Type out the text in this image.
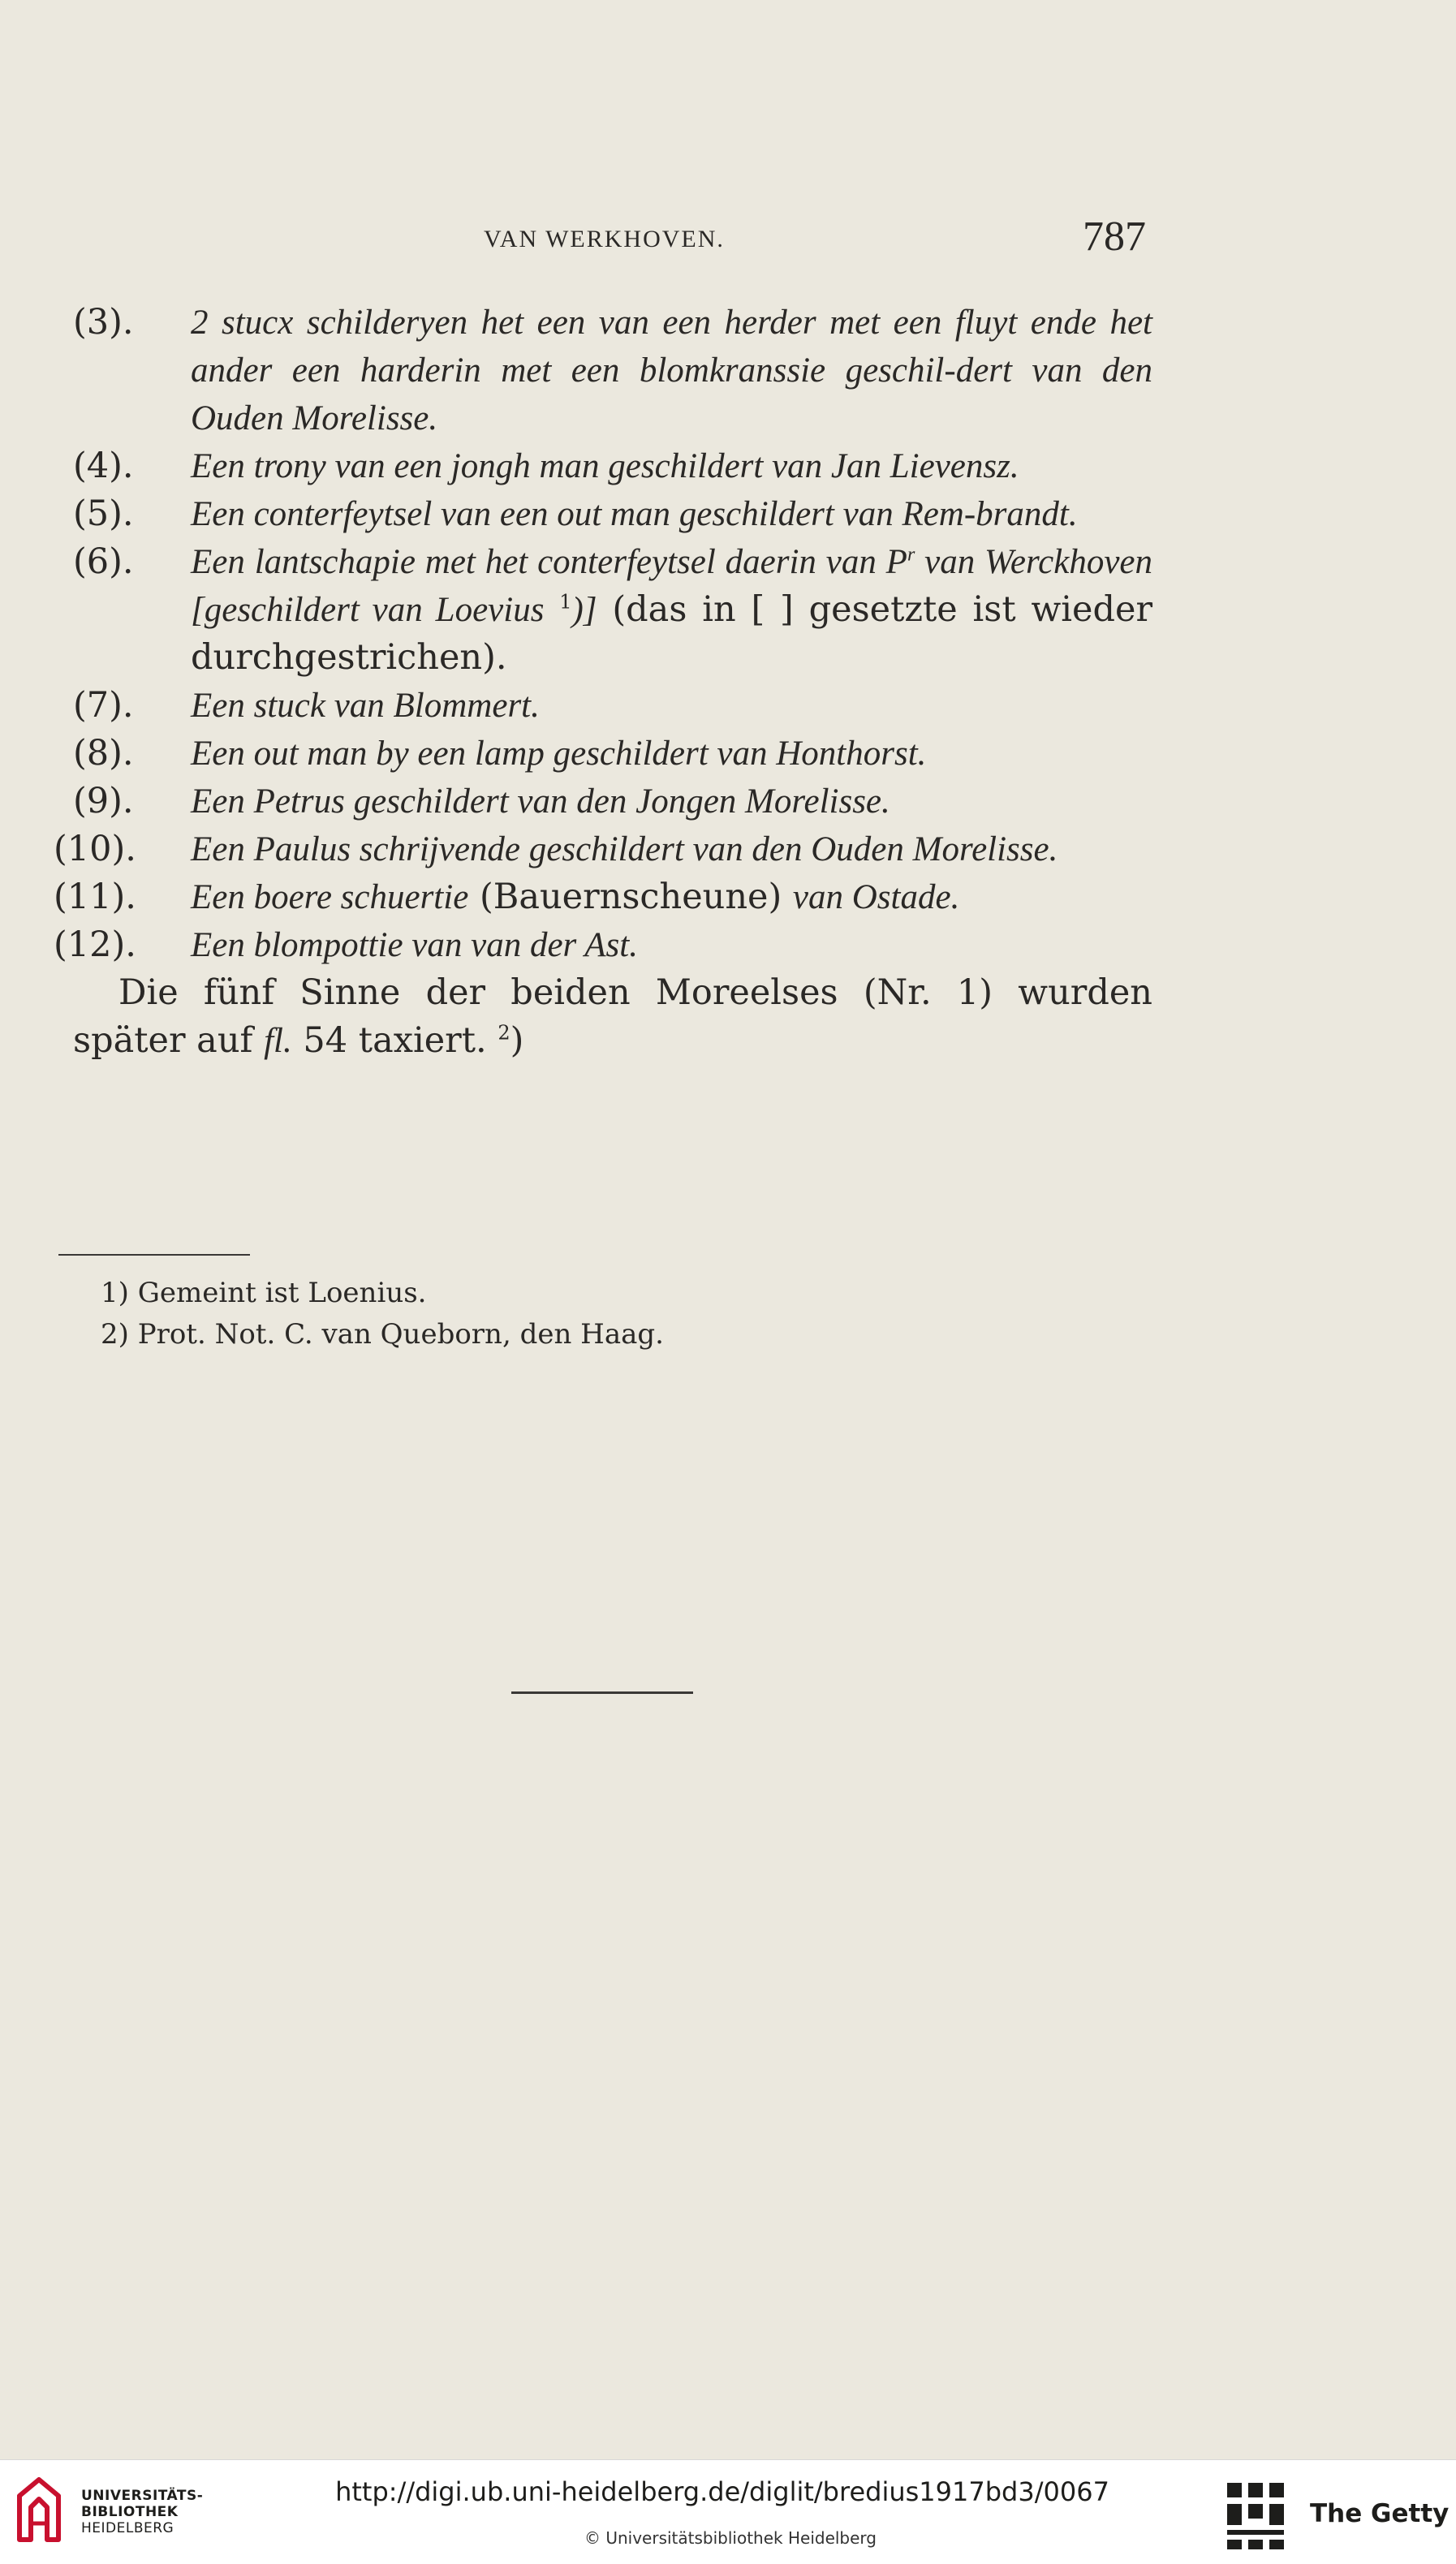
VAN WERKHOVEN.	787
(3).	2 stucx schilderyen het een van een herder met een fluyt ende het ander een harderin met een blomkranssie geschil-dert van den Ouden Morelisse.
(4).	Een trony van een jongh man geschildert van Jan Lievensz.
(5).	Een conterfeytsel van een out man geschildert van Rem-brandt.
(6).	Een lantschapie met het conterfeytsel daerin van $P^r$ van Werckhoven [geschildert van Loevius $^1$)] (das in [ ] gesetzte ist wieder durchgestrichen).
(7).	Een stuck van Blommert.
(8).	Een out man by een lamp geschildert van Honthorst.
(9).	Een Petrus geschildert van den Jongen Morelisse.
(10).	Een Paulus schrijvende geschildert van den Ouden Morelisse.
(11).	Een boere schuertie (Bauernscheune) van Ostade.
(12).	Een blompottie van van der Ast.

Die fünf Sinne der beiden Moreelses (Nr. 1) wurden später auf fl. 54 taxiert. $^2$)

1) Gemeint ist Loenius.
2) Prot. Not. C. van Queborn, den Haag.
UNIVERSITÄTS-
BIBLIOTHEK
HEIDELBERG
http://digi.ub.uni-heidelberg.de/diglit/bredius1917bd3/0067
© Universitätsbibliothek Heidelberg
The Getty
